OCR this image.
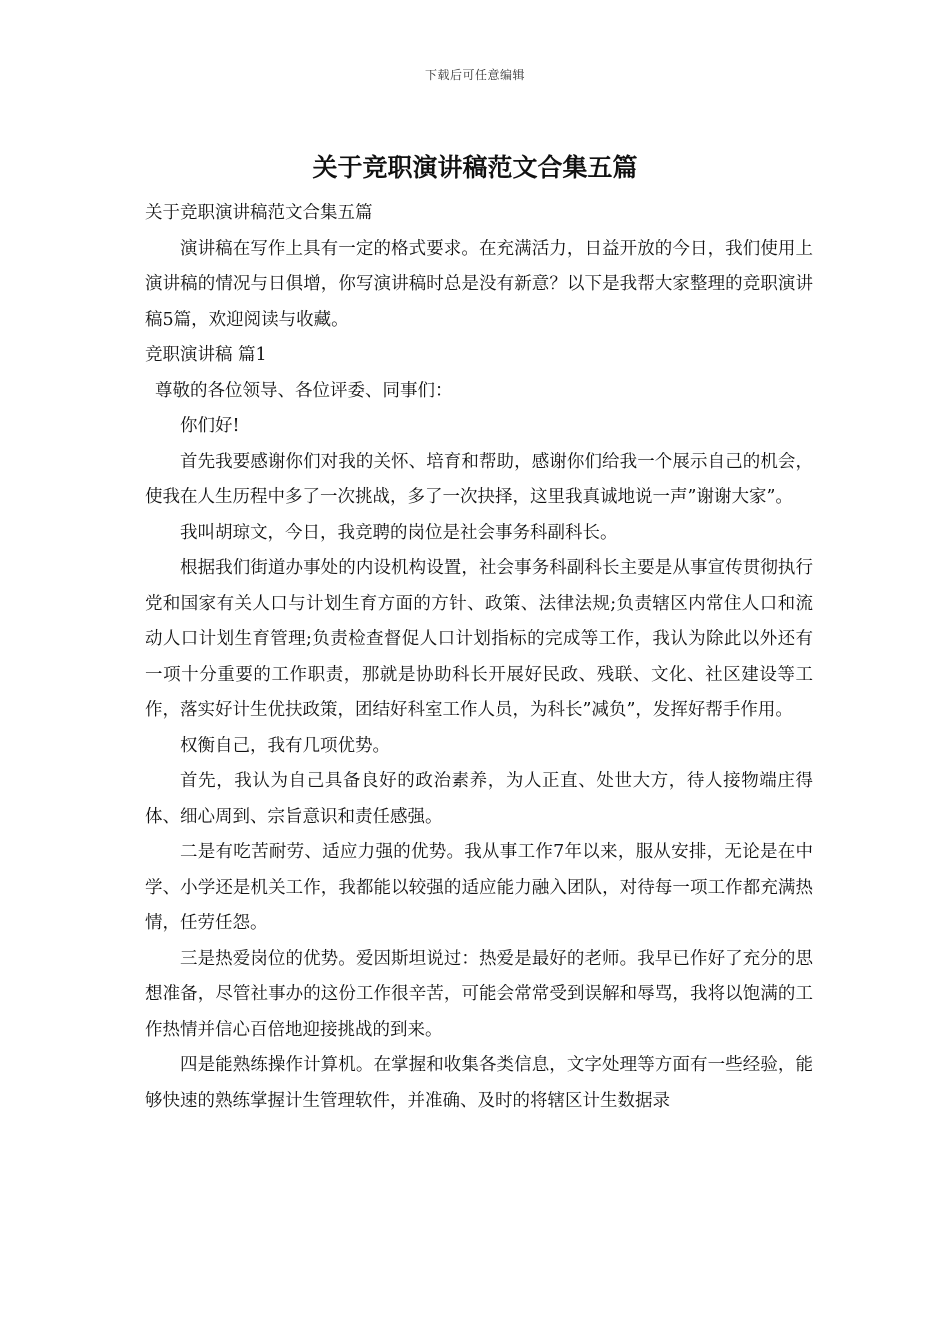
下载后可任意编辑
关于竞职演讲稿范文合集五篇

关于竞职演讲稿范文合集五篇

演讲稿在写作上具有一定的格式要求。在充满活力，日益开放的今日，我们使用上演讲稿的情况与日俱增，你写演讲稿时总是没有新意？以下是我帮大家整理的竞职演讲稿5篇，欢迎阅读与收藏。

竞职演讲稿 篇1

尊敬的各位领导、各位评委、同事们：

你们好!

首先我要感谢你们对我的关怀、培育和帮助，感谢你们给我一个展示自己的机会，使我在人生历程中多了一次挑战，多了一次抉择，这里我真诚地说一声”谢谢大家”。

我叫胡琼文，今日，我竞聘的岗位是社会事务科副科长。

根据我们街道办事处的内设机构设置，社会事务科副科长主要是从事宣传贯彻执行党和国家有关人口与计划生育方面的方针、政策、法律法规;负责辖区内常住人口和流动人口计划生育管理;负责检查督促人口计划指标的完成等工作，我认为除此以外还有一项十分重要的工作职责，那就是协助科长开展好民政、残联、文化、社区建设等工作，落实好计生优扶政策，团结好科室工作人员，为科长”减负”，发挥好帮手作用。

权衡自己，我有几项优势。

首先，我认为自己具备良好的政治素养，为人正直、处世大方，待人接物端庄得体、细心周到、宗旨意识和责任感强。

二是有吃苦耐劳、适应力强的优势。我从事工作7年以来，服从安排，无论是在中学、小学还是机关工作，我都能以较强的适应能力融入团队，对待每一项工作都充满热情，任劳任怨。

三是热爱岗位的优势。爱因斯坦说过：热爱是最好的老师。我早已作好了充分的思想准备，尽管社事办的这份工作很辛苦，可能会常常受到误解和辱骂，我将以饱满的工作热情并信心百倍地迎接挑战的到来。

四是能熟练操作计算机。在掌握和收集各类信息，文字处理等方面有一些经验，能够快速的熟练掌握计生管理软件，并准确、及时的将辖区计生数据录
